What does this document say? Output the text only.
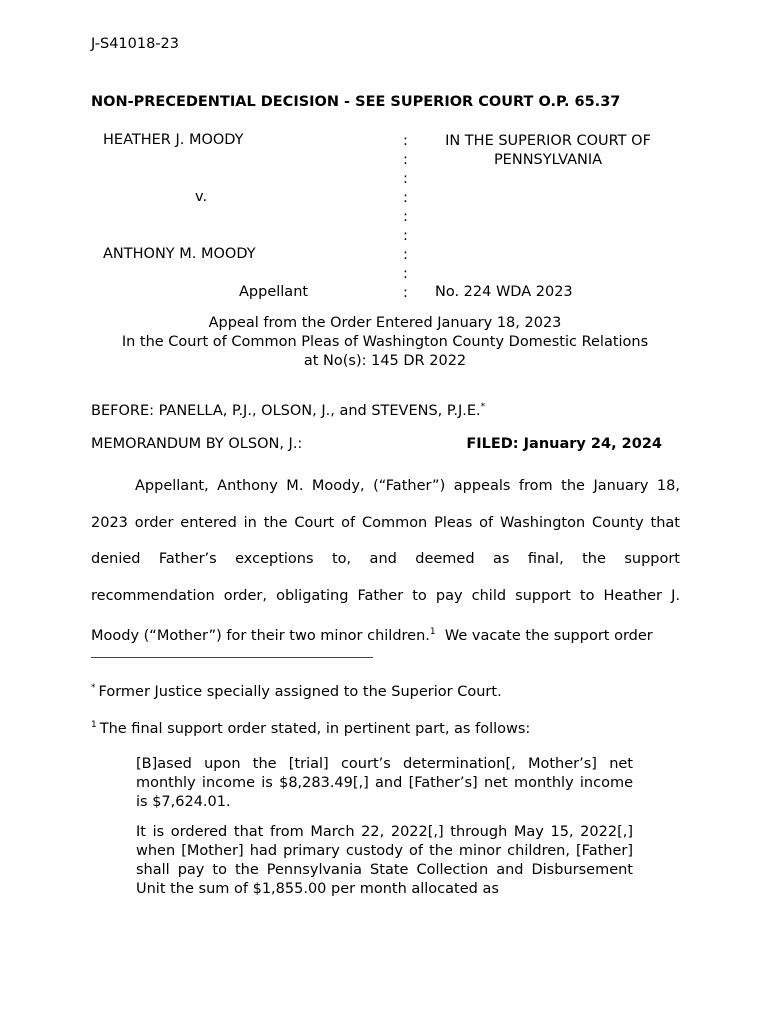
J-S41018-23
NON-PRECEDENTIAL DECISION - SEE SUPERIOR COURT O.P. 65.37
HEATHER J. MOODY
v.
ANTHONY M. MOODY
Appellant
:
:
:
:
:
:
:
:
:
IN THE SUPERIOR COURT OF
PENNSYLVANIA
No. 224 WDA 2023
Appeal from the Order Entered January 18, 2023
In the Court of Common Pleas of Washington County Domestic Relations
at No(s): 145 DR 2022
BEFORE: PANELLA, P.J., OLSON, J., and STEVENS, P.J.E.*
MEMORANDUM BY OLSON, J.:	FILED: January 24, 2024
Appellant, Anthony M. Moody, (“Father”) appeals from the January 18, 2023 order entered in the Court of Common Pleas of Washington County that denied Father’s exceptions to, and deemed as final, the support recommendation order, obligating Father to pay child support to Heather J. Moody (“Mother”) for their two minor children.$^1$  We vacate the support order
* Former Justice specially assigned to the Superior Court.
$^1$ The final support order stated, in pertinent part, as follows:
[B]ased upon the [trial] court’s determination[, Mother’s] net monthly income is $8,283.49[,] and [Father’s] net monthly income is $7,624.01.
It is ordered that from March 22, 2022[,] through May 15, 2022[,] when [Mother] had primary custody of the minor children, [Father] shall pay to the Pennsylvania State Collection and Disbursement Unit the sum of $1,855.00 per month allocated as
